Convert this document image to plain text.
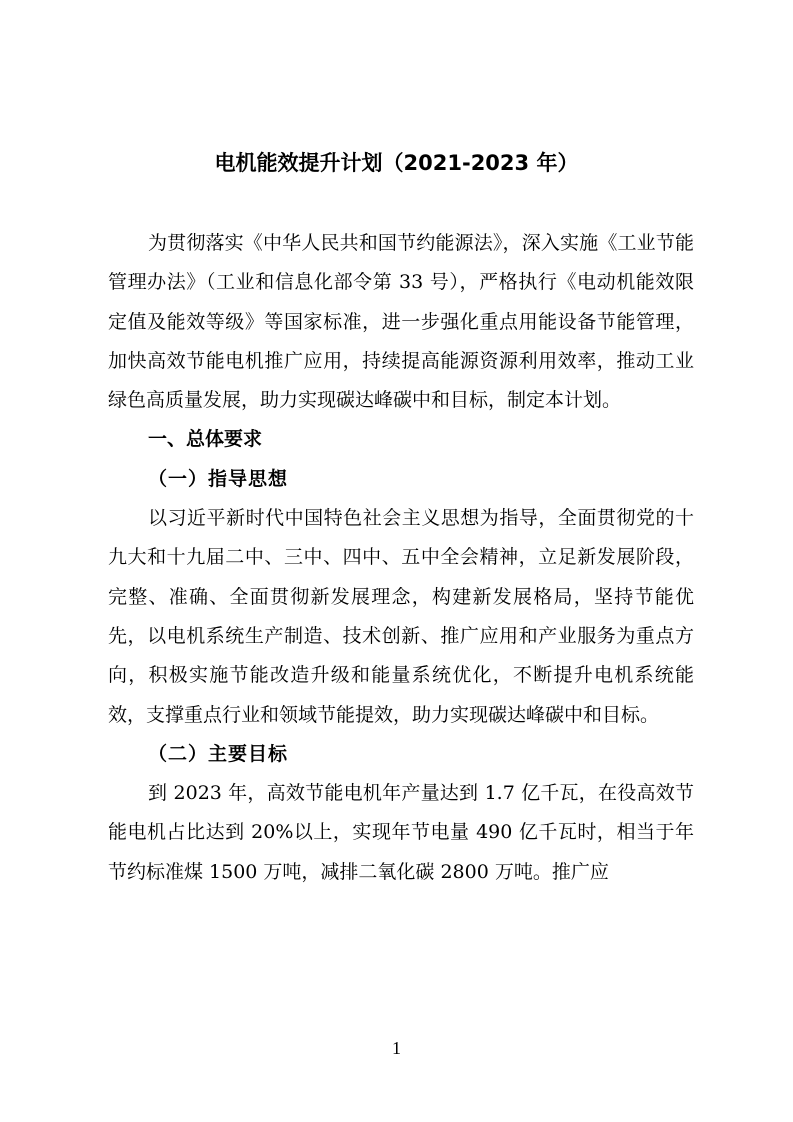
电机能效提升计划（2021-2023 年）

为贯彻落实《中华人民共和国节约能源法》，深入实施《工业节能管理办法》（工业和信息化部令第 33 号），严格执行《电动机能效限定值及能效等级》等国家标准，进一步强化重点用能设备节能管理，加快高效节能电机推广应用，持续提高能源资源利用效率，推动工业绿色高质量发展，助力实现碳达峰碳中和目标，制定本计划。

一、总体要求

（一）指导思想

以习近平新时代中国特色社会主义思想为指导，全面贯彻党的十九大和十九届二中、三中、四中、五中全会精神，立足新发展阶段，完整、准确、全面贯彻新发展理念，构建新发展格局，坚持节能优先，以电机系统生产制造、技术创新、推广应用和产业服务为重点方向，积极实施节能改造升级和能量系统优化，不断提升电机系统能效，支撑重点行业和领域节能提效，助力实现碳达峰碳中和目标。

（二）主要目标

到 2023 年，高效节能电机年产量达到 1.7 亿千瓦，在役高效节能电机占比达到 20%以上，实现年节电量 490 亿千瓦时，相当于年节约标准煤 1500 万吨，减排二氧化碳 2800 万吨。推广应

1
